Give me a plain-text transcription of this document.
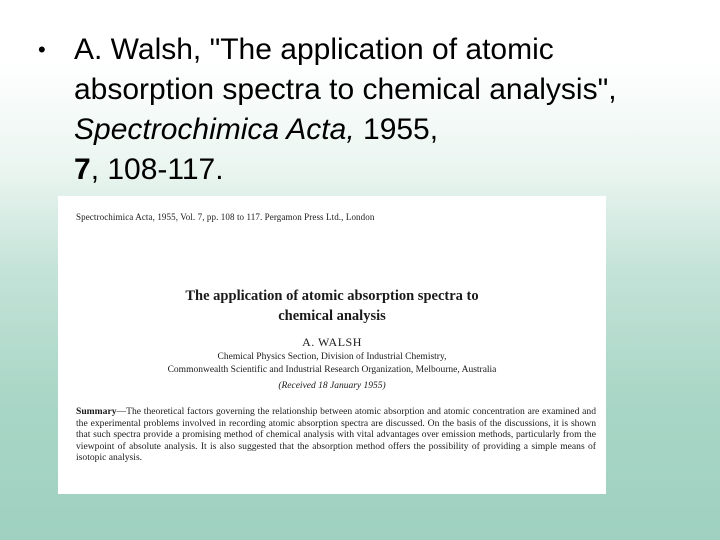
• A. Walsh, "The application of atomic absorption spectra to chemical analysis", Spectrochimica Acta, 1955,
7, 108-117.
Spectrochimica Acta, 1955, Vol. 7, pp. 108 to 117. Pergamon Press Ltd., London
The application of atomic absorption spectra to
chemical analysis
A. WALSH
Chemical Physics Section, Division of Industrial Chemistry,
Commonwealth Scientific and Industrial Research Organization, Melbourne, Australia
(Received 18 January 1955)
Summary—The theoretical factors governing the relationship between atomic absorption and atomic concentration are examined and the experimental problems involved in recording atomic absorption spectra are discussed. On the basis of the discussions, it is shown that such spectra provide a promising method of chemical analysis with vital advantages over emission methods, particularly from the viewpoint of absolute analysis. It is also suggested that the absorption method offers the possibility of providing a simple means of isotopic analysis.
